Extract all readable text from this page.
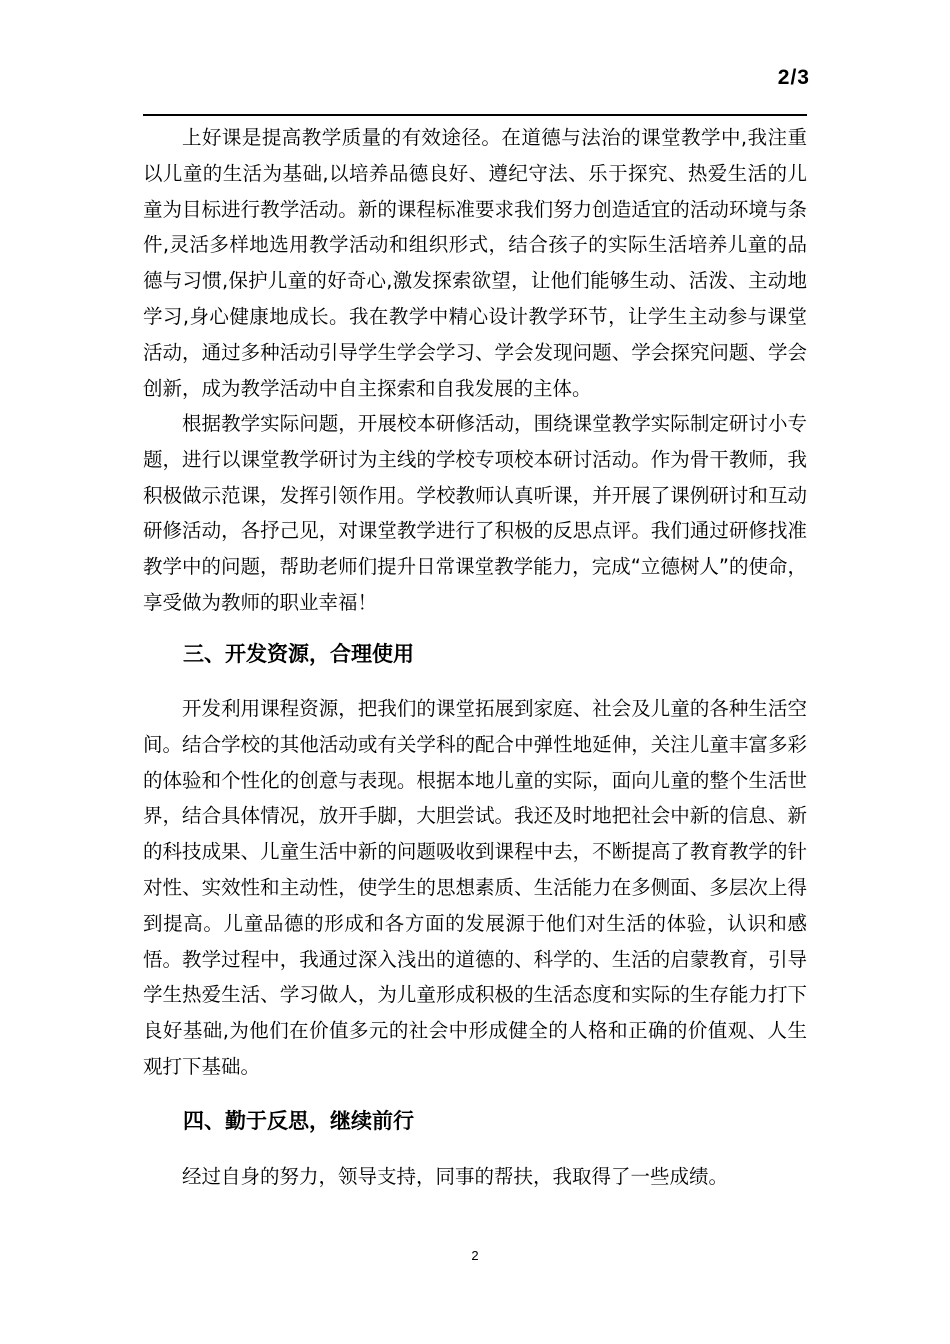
2/3

上好课是提高教学质量的有效途径。在道德与法治的课堂教学中,我注重以儿童的生活为基础,以培养品德良好、遵纪守法、乐于探究、热爱生活的儿童为目标进行教学活动。新的课程标准要求我们努力创造适宜的活动环境与条件,灵活多样地选用教学活动和组织形式，结合孩子的实际生活培养儿童的品德与习惯,保护儿童的好奇心,激发探索欲望，让他们能够生动、活泼、主动地学习,身心健康地成长。我在教学中精心设计教学环节，让学生主动参与课堂活动，通过多种活动引导学生学会学习、学会发现问题、学会探究问题、学会创新，成为教学活动中自主探索和自我发展的主体。

根据教学实际问题，开展校本研修活动，围绕课堂教学实际制定研讨小专题，进行以课堂教学研讨为主线的学校专项校本研讨活动。作为骨干教师，我积极做示范课，发挥引领作用。学校教师认真听课，并开展了课例研讨和互动研修活动，各抒己见，对课堂教学进行了积极的反思点评。我们通过研修找准教学中的问题，帮助老师们提升日常课堂教学能力，完成“立德树人”的使命，享受做为教师的职业幸福！

三、开发资源，合理使用

开发利用课程资源，把我们的课堂拓展到家庭、社会及儿童的各种生活空间。结合学校的其他活动或有关学科的配合中弹性地延伸，关注儿童丰富多彩的体验和个性化的创意与表现。根据本地儿童的实际，面向儿童的整个生活世界，结合具体情况，放开手脚，大胆尝试。我还及时地把社会中新的信息、新的科技成果、儿童生活中新的问题吸收到课程中去，不断提高了教育教学的针对性、实效性和主动性，使学生的思想素质、生活能力在多侧面、多层次上得到提高。儿童品德的形成和各方面的发展源于他们对生活的体验，认识和感悟。教学过程中，我通过深入浅出的道德的、科学的、生活的启蒙教育，引导学生热爱生活、学习做人，为儿童形成积极的生活态度和实际的生存能力打下良好基础,为他们在价值多元的社会中形成健全的人格和正确的价值观、人生观打下基础。

四、勤于反思，继续前行

经过自身的努力，领导支持，同事的帮扶，我取得了一些成绩。

2
